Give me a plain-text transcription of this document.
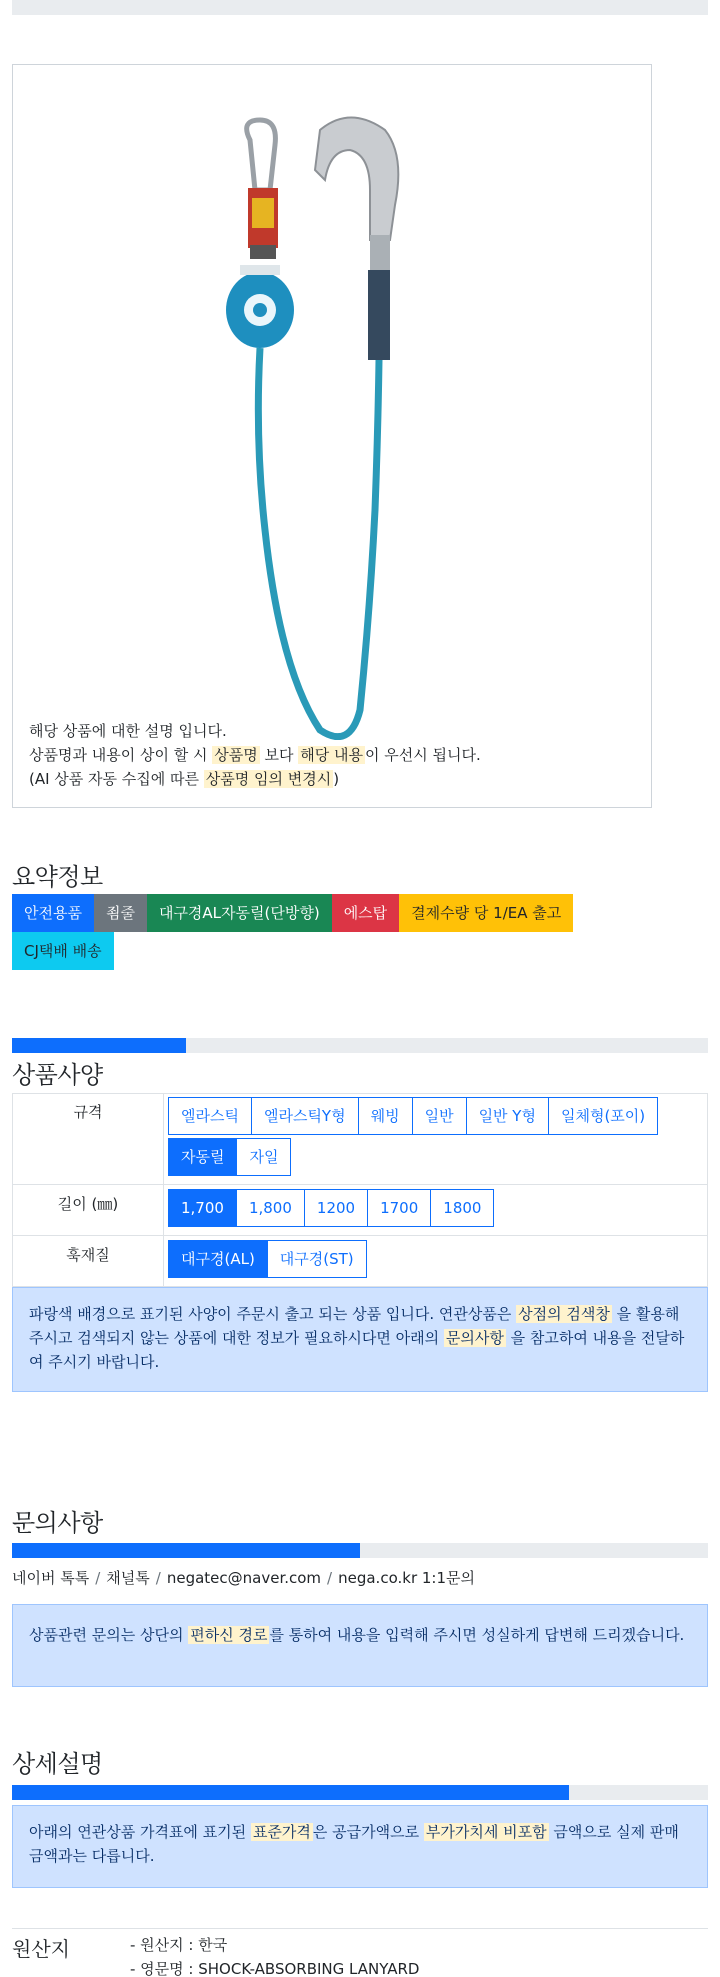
해당 상품에 대한 설명 입니다.
상품명과 내용이 상이 할 시 상품명 보다 해당 내용 이 우선시 됩니다.
(AI 상품 자동 수집에 따른 상품명 임의 변경시 )
요약정보
안전용품	죔줄	대구경AL자동릴(단방향)	에스탑	결제수량 당 1/EA 출고
CJ택배 배송
상품사양
규격	엘라스틱	엘라스틱Y형	웨빙	일반	일반 Y형	일체형(포이)
자동릴	자일
길이 (㎜)	1,700	1,800	1200	1700	1800
훅재질	대구경(AL)	대구경(ST)
파랑색 배경으로 표기된 사양이 주문시 출고 되는 상품 입니다. 연관상품은 상점의 검색창 을 활용해 주시고 검색되지 않는 상품에 대한 정보가 필요하시다면 아래의 문의사항 을 참고하여 내용을 전달하여 주시기 바랍니다.
문의사항
네이버 톡톡 / 채널톡 / negatec@naver.com / nega.co.kr 1:1문의
상품관련 문의는 상단의 편하신 경로 를 통하여 내용을 입력해 주시면 성실하게 답변해 드리겠습니다.
상세설명
아래의 연관상품 가격표에 표기된 표준가격 은 공급가액으로 부가가치세 비포함 금액으로 실제 판매금액과는 다릅니다.
원산지	- 원산지 : 한국
- 영문명 : SHOCK-ABSORBING LANYARD
